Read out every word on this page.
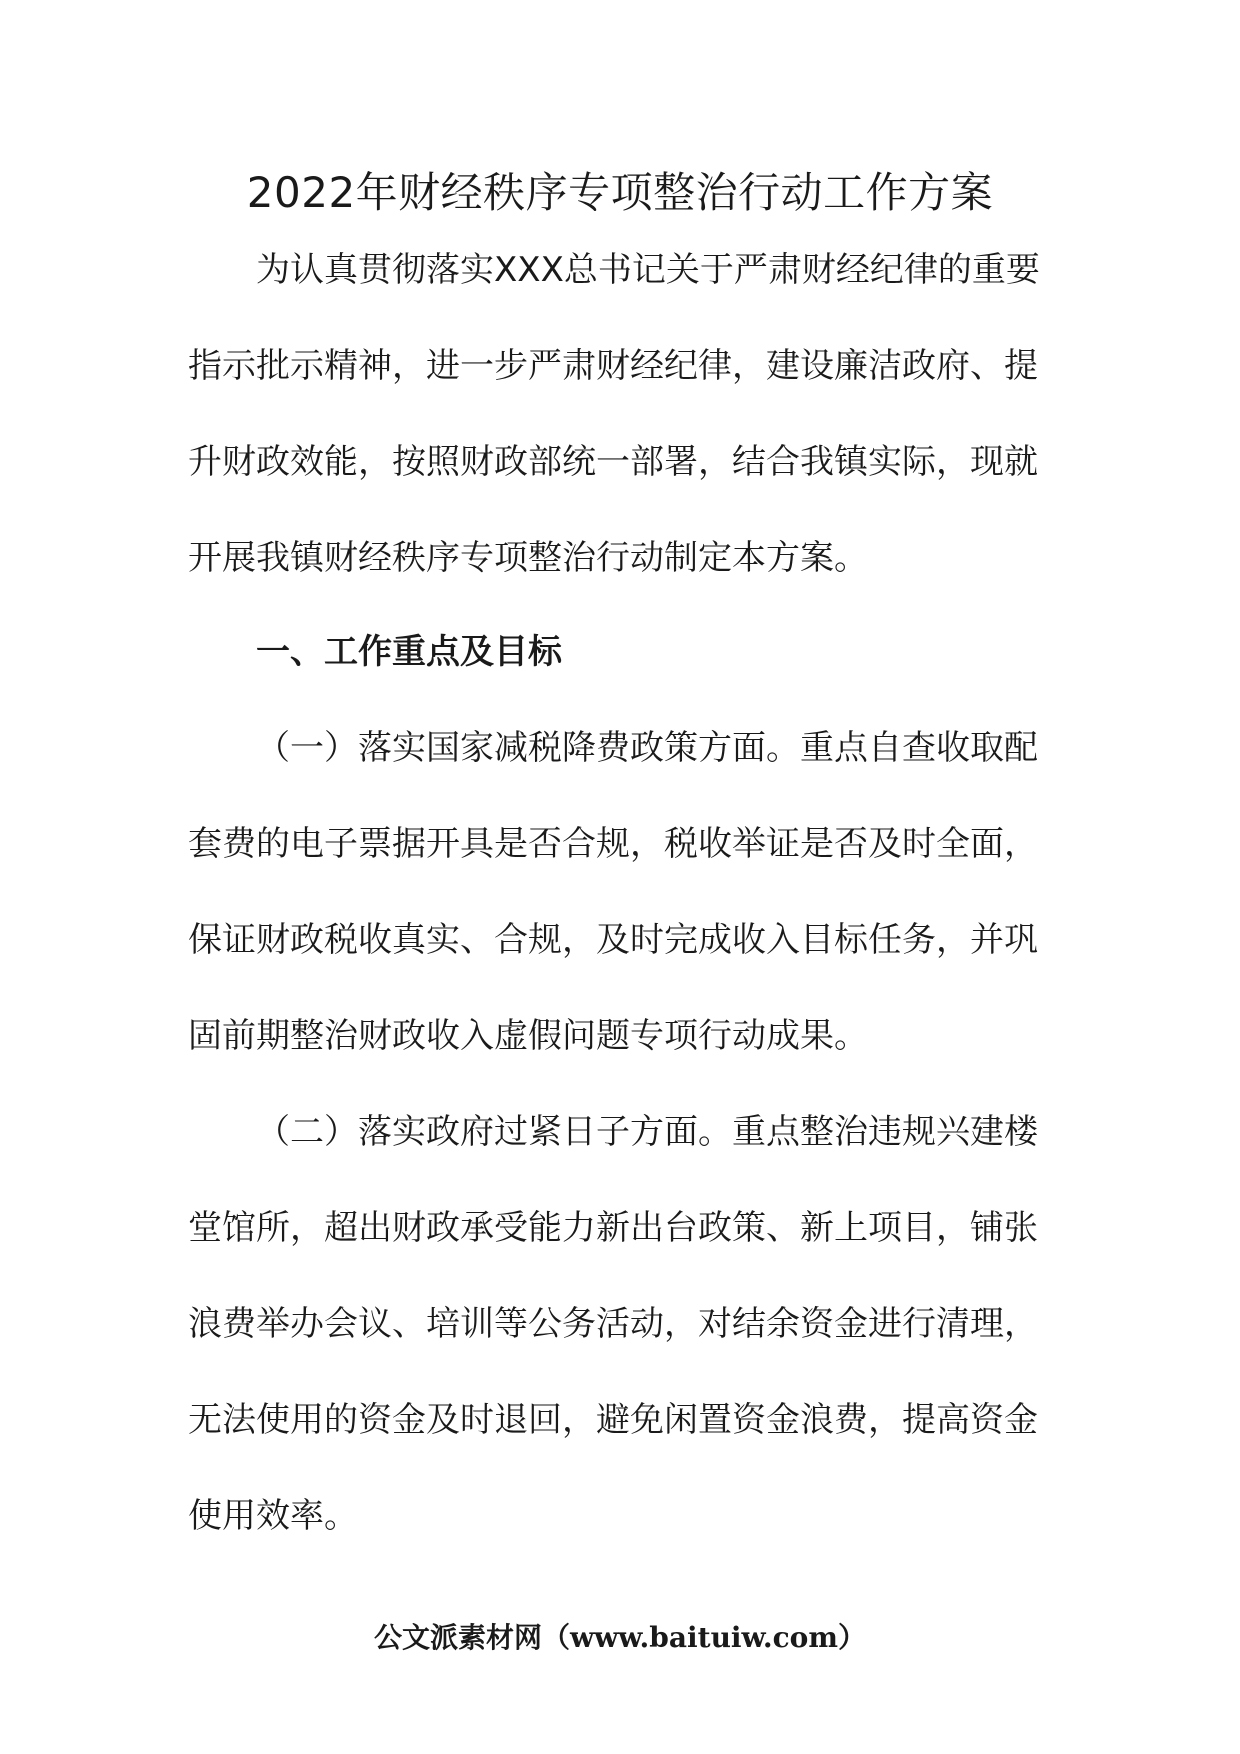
2022年财经秩序专项整治行动工作方案

为认真贯彻落实XXX总书记关于严肃财经纪律的重要

指示批示精神，进一步严肃财经纪律，建设廉洁政府、提

升财政效能，按照财政部统一部署，结合我镇实际，现就

开展我镇财经秩序专项整治行动制定本方案。

一、工作重点及目标

（一）落实国家减税降费政策方面。重点自查收取配

套费的电子票据开具是否合规，税收举证是否及时全面，

保证财政税收真实、合规，及时完成收入目标任务，并巩

固前期整治财政收入虚假问题专项行动成果。

（二）落实政府过紧日子方面。重点整治违规兴建楼

堂馆所，超出财政承受能力新出台政策、新上项目，铺张

浪费举办会议、培训等公务活动，对结余资金进行清理，

无法使用的资金及时退回，避免闲置资金浪费，提高资金

使用效率。

公文派素材网（www.baituiw.com）
